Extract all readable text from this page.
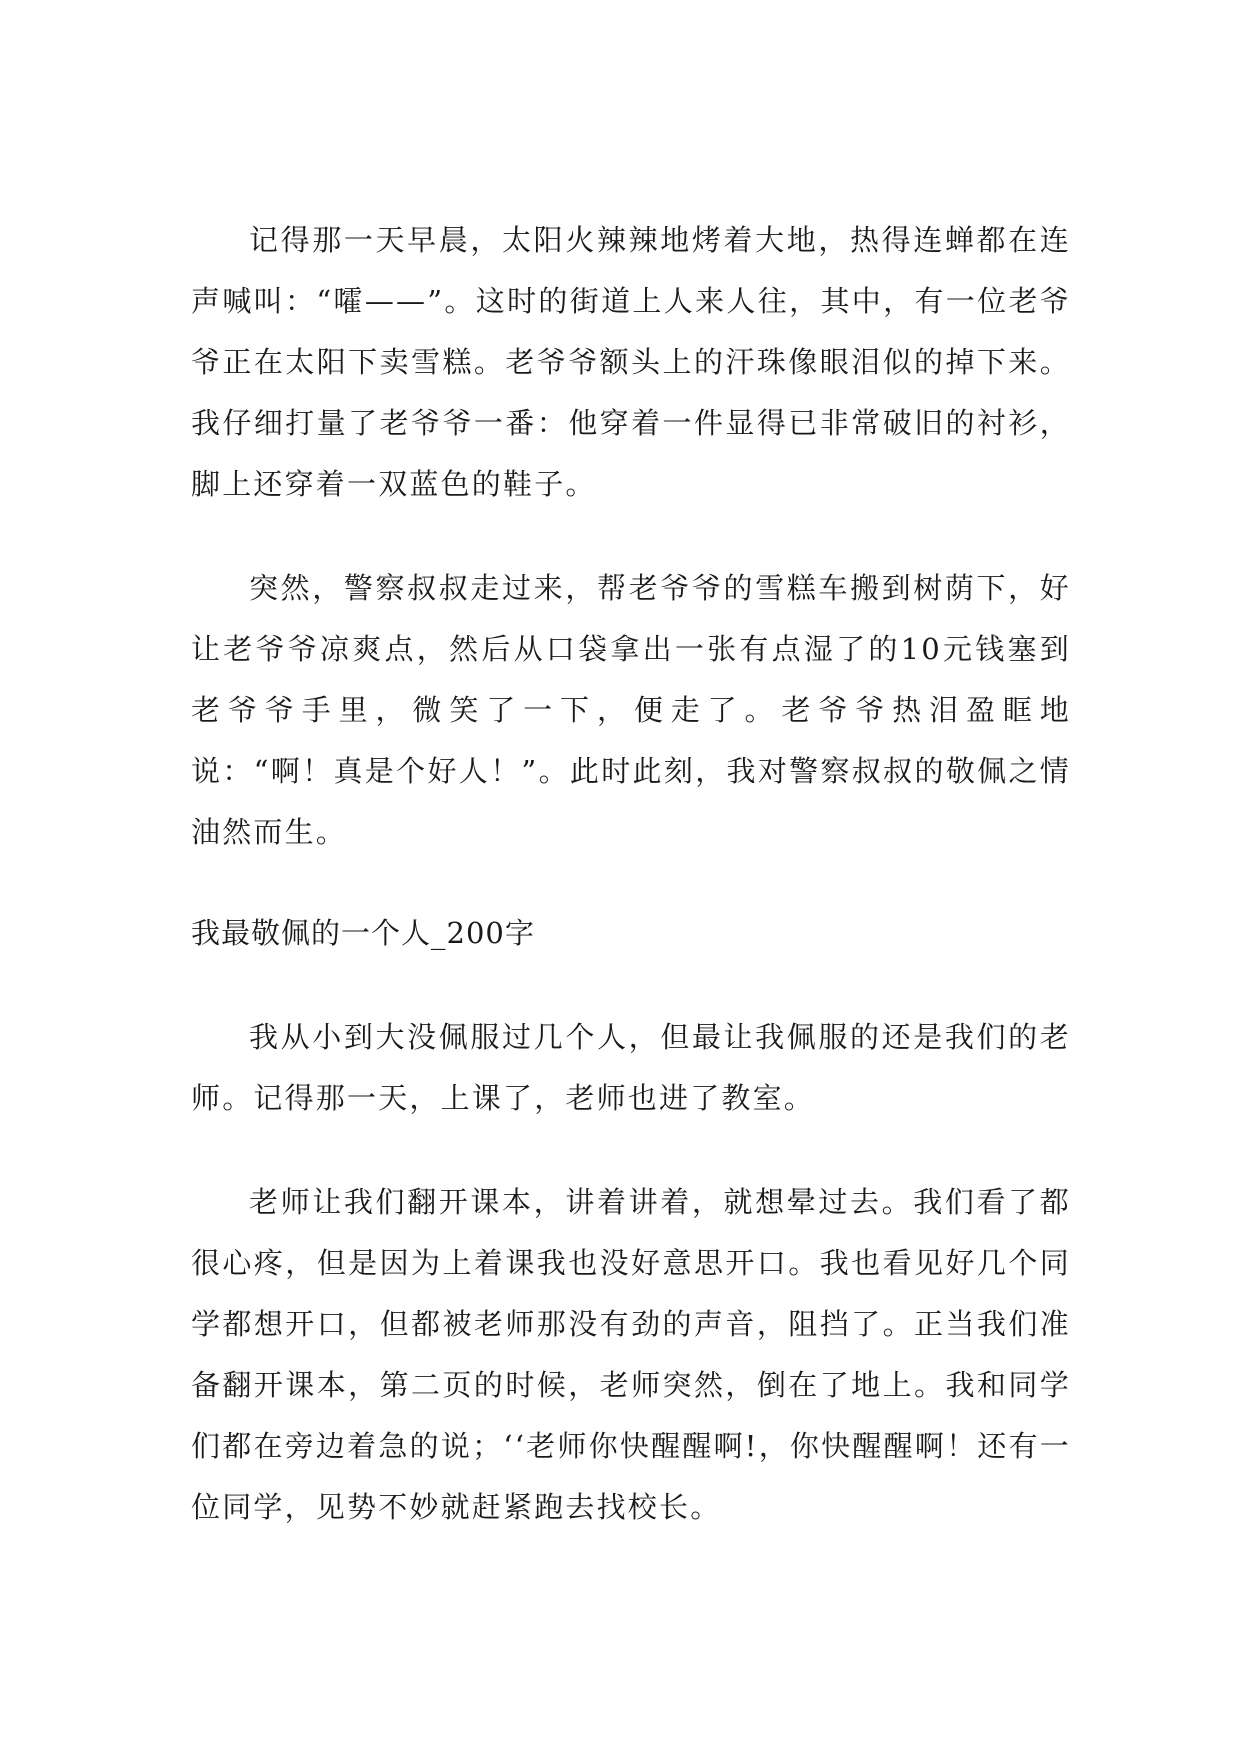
记得那一天早晨，太阳火辣辣地烤着大地，热得连蝉都在连声喊叫：“嚯——”。这时的街道上人来人往，其中，有一位老爷爷正在太阳下卖雪糕。老爷爷额头上的汗珠像眼泪似的掉下来。我仔细打量了老爷爷一番：他穿着一件显得已非常破旧的衬衫，脚上还穿着一双蓝色的鞋子。

突然，警察叔叔走过来，帮老爷爷的雪糕车搬到树荫下，好让老爷爷凉爽点，然后从口袋拿出一张有点湿了的10元钱塞到老爷爷手里，微笑了一下，便走了。老爷爷热泪盈眶地说：“啊！真是个好人！”。此时此刻，我对警察叔叔的敬佩之情油然而生。

我最敬佩的一个人_200字

我从小到大没佩服过几个人，但最让我佩服的还是我们的老师。记得那一天，上课了，老师也进了教室。

老师让我们翻开课本，讲着讲着，就想晕过去。我们看了都很心疼，但是因为上着课我也没好意思开口。我也看见好几个同学都想开口，但都被老师那没有劲的声音，阻挡了。正当我们准备翻开课本，第二页的时候，老师突然，倒在了地上。我和同学们都在旁边着急的说；‘‘老师你快醒醒啊!，你快醒醒啊！还有一位同学，见势不妙就赶紧跑去找校长。
